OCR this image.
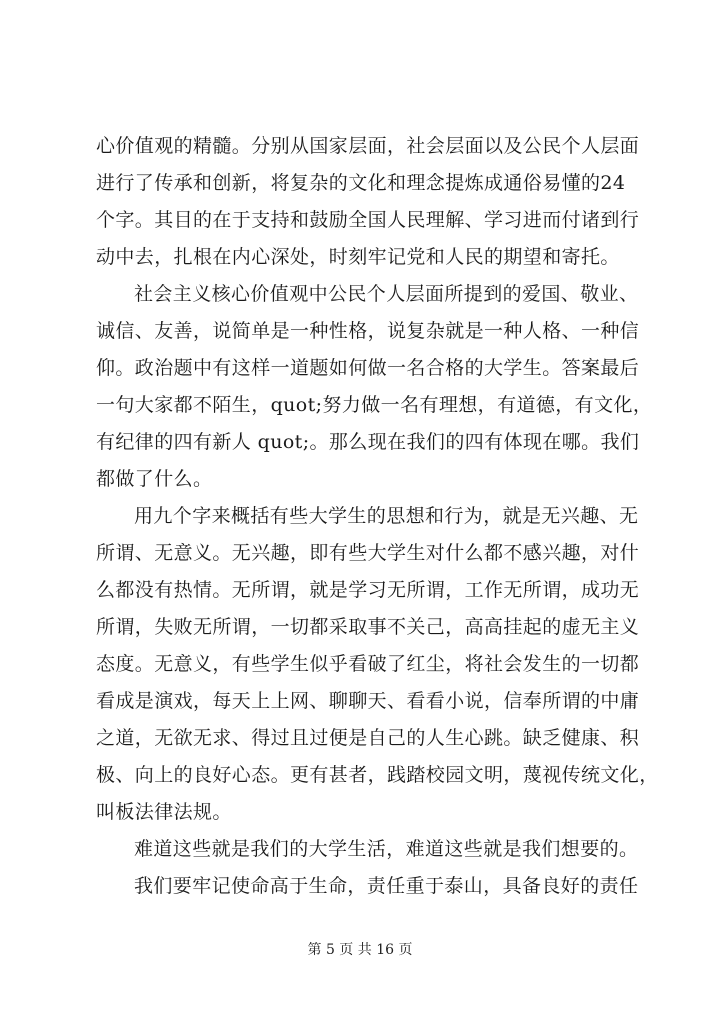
心价值观的精髓。分别从国家层面，社会层面以及公民个人层面
进行了传承和创新，将复杂的文化和理念提炼成通俗易懂的24
个字。其目的在于支持和鼓励全国人民理解、学习进而付诸到行
动中去，扎根在内心深处，时刻牢记党和人民的期望和寄托。
社会主义核心价值观中公民个人层面所提到的爱国、敬业、
诚信、友善，说简单是一种性格，说复杂就是一种人格、一种信
仰。政治题中有这样一道题如何做一名合格的大学生。答案最后
一句大家都不陌生，quot;努力做一名有理想，有道德，有文化，
有纪律的四有新人 quot;。那么现在我们的四有体现在哪。我们
都做了什么。
用九个字来概括有些大学生的思想和行为，就是无兴趣、无
所谓、无意义。无兴趣，即有些大学生对什么都不感兴趣，对什
么都没有热情。无所谓，就是学习无所谓，工作无所谓，成功无
所谓，失败无所谓，一切都采取事不关己，高高挂起的虚无主义
态度。无意义，有些学生似乎看破了红尘，将社会发生的一切都
看成是演戏，每天上上网、聊聊天、看看小说，信奉所谓的中庸
之道，无欲无求、得过且过便是自己的人生心跳。缺乏健康、积
极、向上的良好心态。更有甚者，践踏校园文明，蔑视传统文化，
叫板法律法规。
难道这些就是我们的大学生活，难道这些就是我们想要的。
我们要牢记使命高于生命，责任重于泰山，具备良好的责任
第 5 页 共 16 页
